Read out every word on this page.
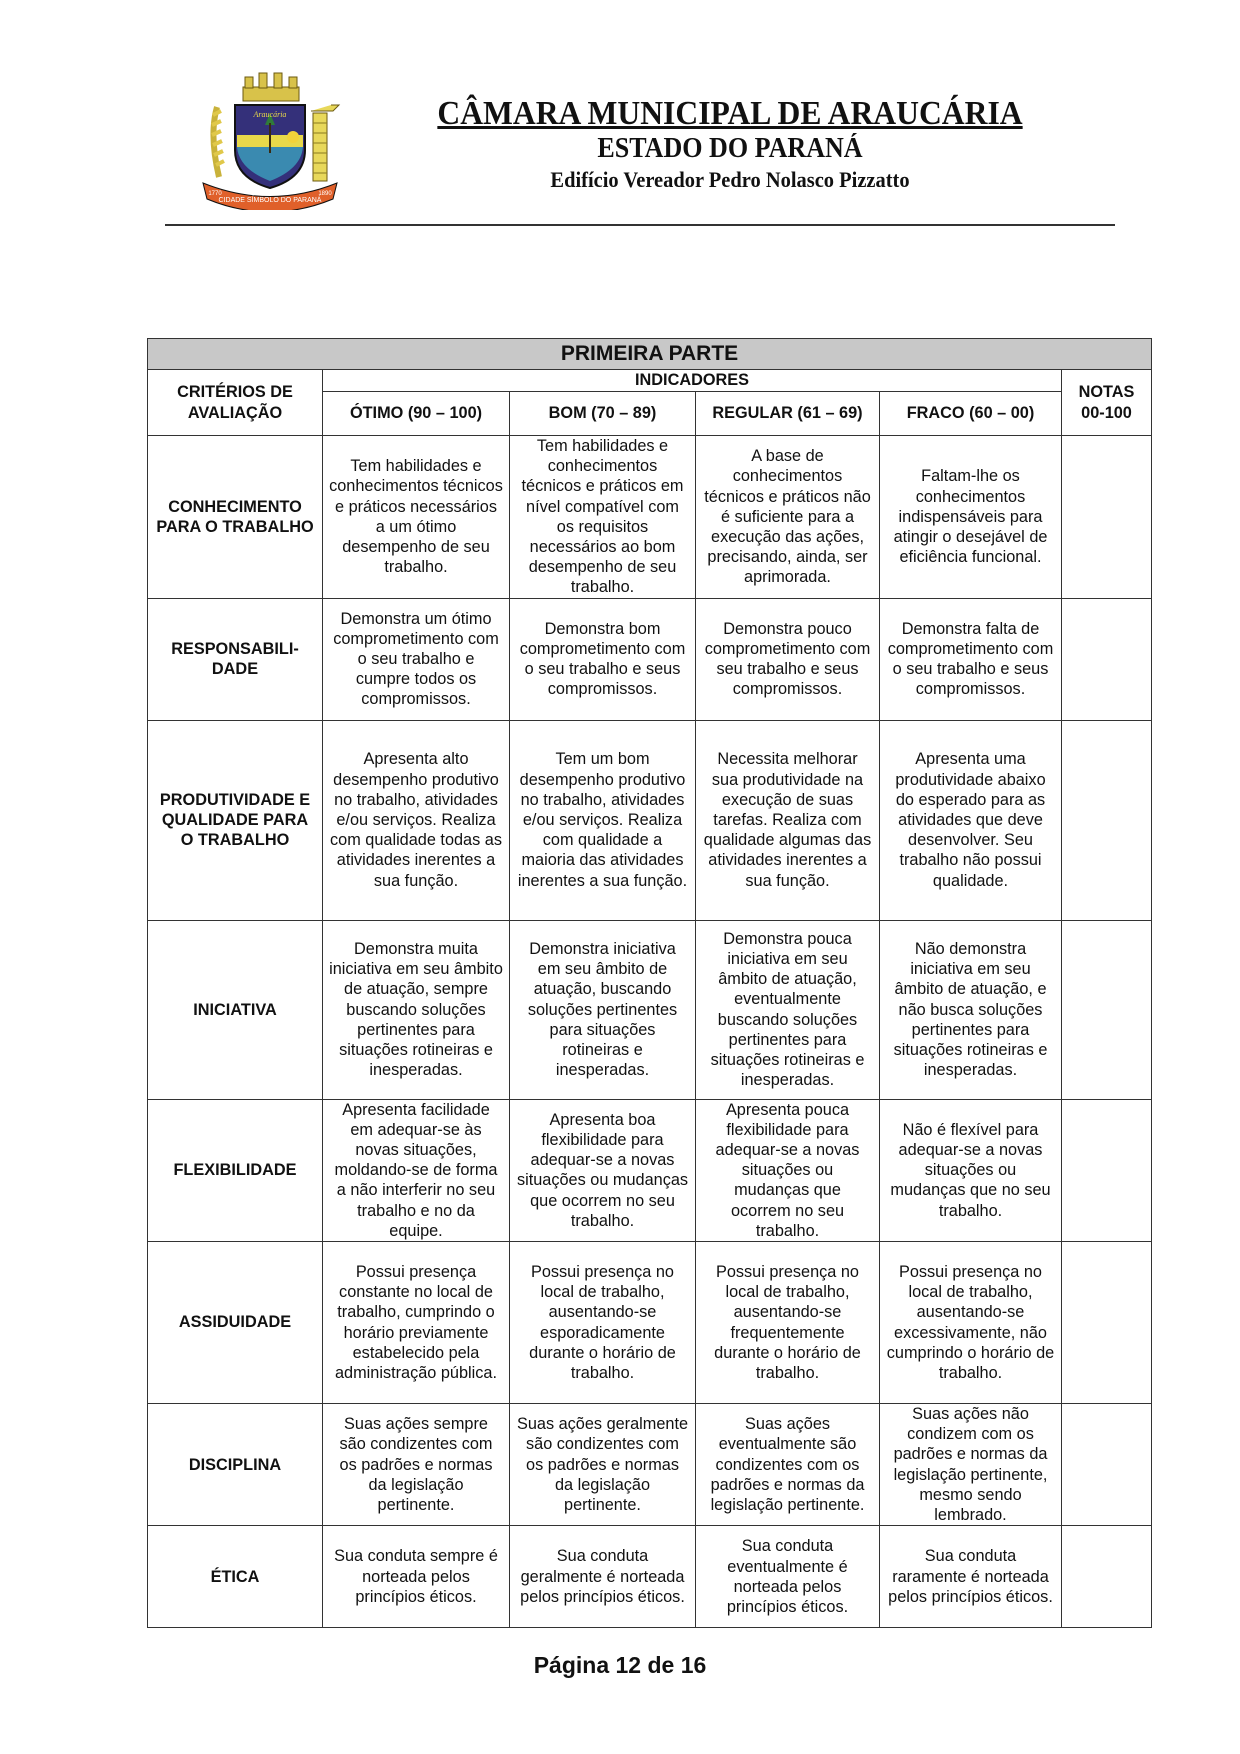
Araucária
CIDADE SÍMBOLO DO PARANÁ
1770	1890
CÂMARA MUNICIPAL DE ARAUCÁRIA
ESTADO DO PARANÁ
Edifício Vereador Pedro Nolasco Pizzatto
PRIMEIRA PARTE					
CRITÉRIOS DE AVALIAÇÃO	INDICADORES				NOTAS 00-100
	ÓTIMO (90 – 100)	BOM (70 – 89)	REGULAR (61 – 69)	FRACO (60 – 00)	
CONHECIMENTO PARA O TRABALHO	Tem habilidades e conhecimentos técnicos e práticos necessários a um ótimo desempenho de seu trabalho.	Tem habilidades e conhecimentos técnicos e práticos em nível compatível com os requisitos necessários ao bom desempenho de seu trabalho.	A base de conhecimentos técnicos e práticos não é suficiente para a execução das ações, precisando, ainda, ser aprimorada.	Faltam-lhe os conhecimentos indispensáveis para atingir o desejável de eficiência funcional.	
RESPONSABILI-DADE	Demonstra um ótimo comprometimento com o seu trabalho e cumpre todos os compromissos.	Demonstra bom comprometimento com o seu trabalho e seus compromissos.	Demonstra pouco comprometimento com seu trabalho e seus compromissos.	Demonstra falta de comprometimento com o seu trabalho e seus compromissos.	
PRODUTIVIDADE E QUALIDADE PARA O TRABALHO	Apresenta alto desempenho produtivo no trabalho, atividades e/ou serviços. Realiza com qualidade todas as atividades inerentes a sua função.	Tem um bom desempenho produtivo no trabalho, atividades e/ou serviços. Realiza com qualidade a maioria das atividades inerentes a sua função.	Necessita melhorar sua produtividade na execução de suas tarefas. Realiza com qualidade algumas das atividades inerentes a sua função.	Apresenta uma produtividade abaixo do esperado para as atividades que deve desenvolver. Seu trabalho não possui qualidade.	
INICIATIVA	Demonstra muita iniciativa em seu âmbito de atuação, sempre buscando soluções pertinentes para situações rotineiras e inesperadas.	Demonstra iniciativa em seu âmbito de atuação, buscando soluções pertinentes para situações rotineiras e inesperadas.	Demonstra pouca iniciativa em seu âmbito de atuação, eventualmente buscando soluções pertinentes para situações rotineiras e inesperadas.	Não demonstra iniciativa em seu âmbito de atuação, e não busca soluções pertinentes para situações rotineiras e inesperadas.	
FLEXIBILIDADE	Apresenta facilidade em adequar-se às novas situações, moldando-se de forma a não interferir no seu trabalho e no da equipe.	Apresenta boa flexibilidade para adequar-se a novas situações ou mudanças que ocorrem no seu trabalho.	Apresenta pouca flexibilidade para adequar-se a novas situações ou mudanças que ocorrem no seu trabalho.	Não é flexível para adequar-se a novas situações ou mudanças que no seu trabalho.	
ASSIDUIDADE	Possui presença constante no local de trabalho, cumprindo o horário previamente estabelecido pela administração pública.	Possui presença no local de trabalho, ausentando-se esporadicamente durante o horário de trabalho.	Possui presença no local de trabalho, ausentando-se frequentemente durante o horário de trabalho.	Possui presença no local de trabalho, ausentando-se excessivamente, não cumprindo o horário de trabalho.	
DISCIPLINA	Suas ações sempre são condizentes com os padrões e normas da legislação pertinente.	Suas ações geralmente são condizentes com os padrões e normas da legislação pertinente.	Suas ações eventualmente são condizentes com os padrões e normas da legislação pertinente.	Suas ações não condizem com os padrões e normas da legislação pertinente, mesmo sendo lembrado.	
ÉTICA	Sua conduta sempre é norteada pelos princípios éticos.	Sua conduta geralmente é norteada pelos princípios éticos.	Sua conduta eventualmente é norteada pelos princípios éticos.	Sua conduta raramente é norteada pelos princípios éticos.	
Página 12 de 16
